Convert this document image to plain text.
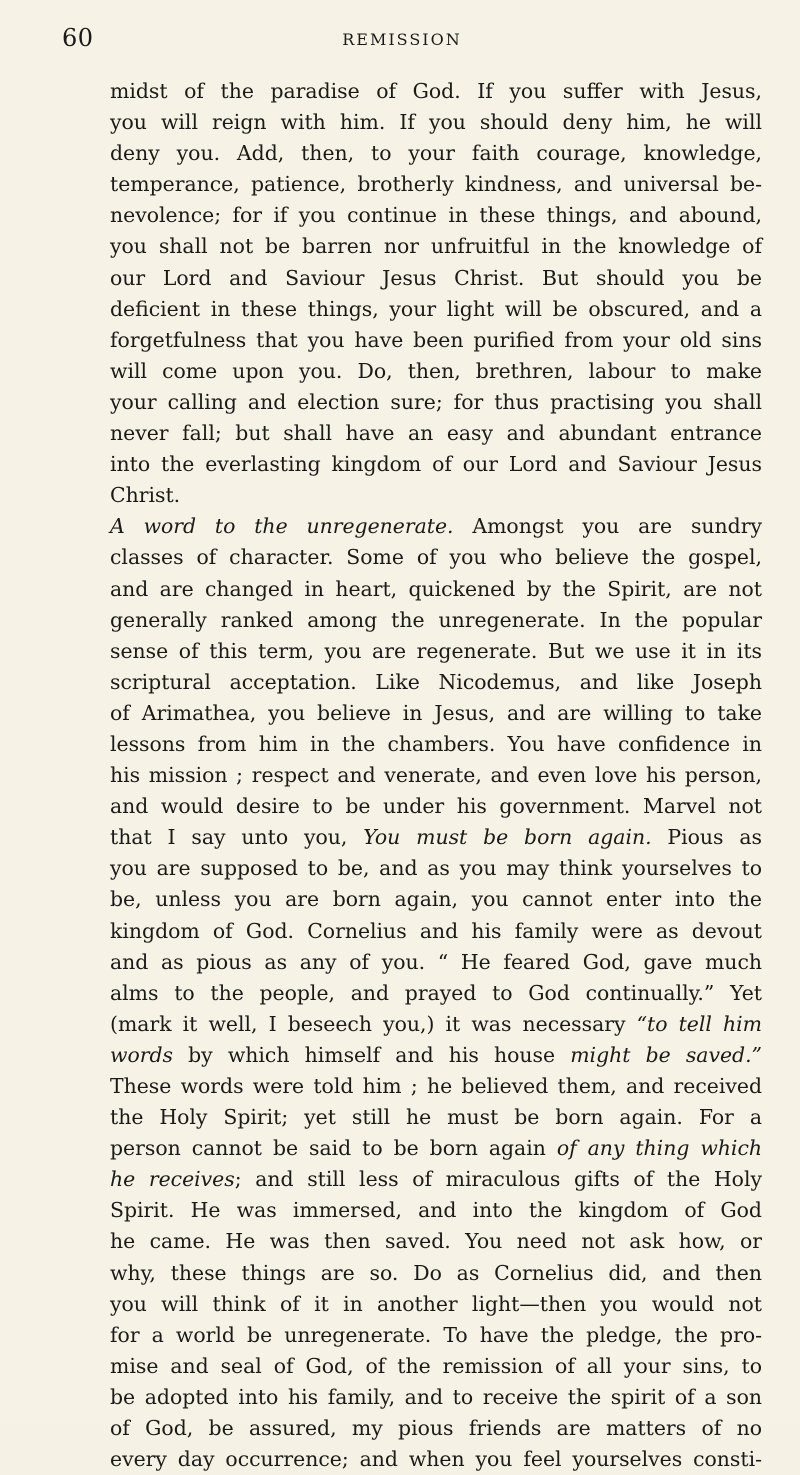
60	REMISSION
midst of the paradise of God. If you suffer with Jesus,
you will reign with him. If you should deny him, he will
deny you. Add, then, to your faith courage, knowledge,
temperance, patience, brotherly kindness, and universal be-
nevolence; for if you continue in these things, and abound,
you shall not be barren nor unfruitful in the knowledge of
our Lord and Saviour Jesus Christ. But should you be
deficient in these things, your light will be obscured, and a
forgetfulness that you have been purified from your old sins
will come upon you. Do, then, brethren, labour to make
your calling and election sure; for thus practising you shall
never fall; but shall have an easy and abundant entrance
into the everlasting kingdom of our Lord and Saviour Jesus
Christ.
A word to the unregenerate. Amongst you are sundry
classes of character. Some of you who believe the gospel,
and are changed in heart, quickened by the Spirit, are not
generally ranked among the unregenerate. In the popular
sense of this term, you are regenerate. But we use it in its
scriptural acceptation. Like Nicodemus, and like Joseph
of Arimathea, you believe in Jesus, and are willing to take
lessons from him in the chambers. You have confidence in
his mission ; respect and venerate, and even love his person,
and would desire to be under his government. Marvel not
that I say unto you, You must be born again. Pious as
you are supposed to be, and as you may think yourselves to
be, unless you are born again, you cannot enter into the
kingdom of God. Cornelius and his family were as devout
and as pious as any of you. “ He feared God, gave much
alms to the people, and prayed to God continually.” Yet
(mark it well, I beseech you,) it was necessary “to tell him
words by which himself and his house might be saved.”
These words were told him ; he believed them, and received
the Holy Spirit; yet still he must be born again. For a
person cannot be said to be born again of any thing which
he receives; and still less of miraculous gifts of the Holy
Spirit. He was immersed, and into the kingdom of God
he came. He was then saved. You need not ask how, or
why, these things are so. Do as Cornelius did, and then
you will think of it in another light—then you would not
for a world be unregenerate. To have the pledge, the pro-
mise and seal of God, of the remission of all your sins, to
be adopted into his family, and to receive the spirit of a son
of God, be assured, my pious friends are matters of no
every day occurrence; and when you feel yourselves consti-
